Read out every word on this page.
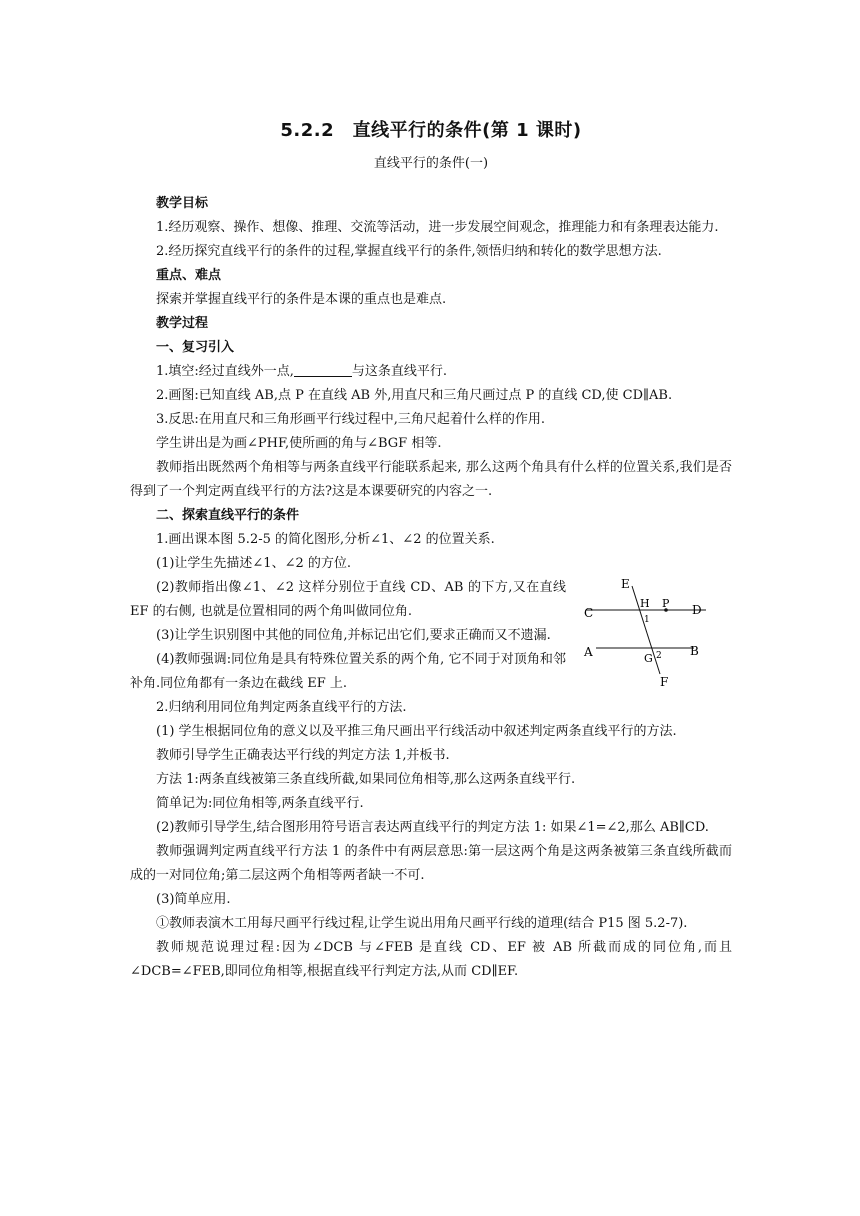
5.2.2　直线平行的条件(第 1 课时)
直线平行的条件(一)

教学目标

1.经历观察、操作、想像、推理、交流等活动，进一步发展空间观念，推理能力和有条理表达能力.

2.经历探究直线平行的条件的过程,掌握直线平行的条件,领悟归纳和转化的数学思想方法.

重点、难点

探索并掌握直线平行的条件是本课的重点也是难点.

教学过程

一、复习引入

1.填空:经过直线外一点,	与这条直线平行.

2.画图:已知直线 AB,点 P 在直线 AB 外,用直尺和三角尺画过点 P 的直线 CD,使 CD∥AB.

3.反思:在用直尺和三角形画平行线过程中,三角尺起着什么样的作用.

学生讲出是为画∠PHF,使所画的角与∠BGF 相等.

教师指出既然两个角相等与两条直线平行能联系起来, 那么这两个角具有什么样的位置关系,我们是否得到了一个判定两直线平行的方法?这是本课要研究的内容之一.

二、探索直线平行的条件

1.画出课本图 5.2-5 的简化图形,分析∠1、∠2 的位置关系.

(1)让学生先描述∠1、∠2 的方位.

(2)教师指出像∠1、∠2 这样分别位于直线 CD、AB 的下方,又在直线 EF 的右侧, 也就是位置相同的两个角叫做同位角.

(3)让学生识别图中其他的同位角,并标记出它们,要求正确而又不遗漏.

(4)教师强调:同位角是具有特殊位置关系的两个角, 它不同于对顶角和邻补角.同位角都有一条边在截线 EF 上.

2.归纳利用同位角判定两条直线平行的方法.

(1) 学生根据同位角的意义以及平推三角尺画出平行线活动中叙述判定两条直线平行的方法.

教师引导学生正确表达平行线的判定方法 1,并板书.

方法 1:两条直线被第三条直线所截,如果同位角相等,那么这两条直线平行.

简单记为:同位角相等,两条直线平行.

(2)教师引导学生,结合图形用符号语言表达两直线平行的判定方法 1: 如果∠1=∠2,那么 AB∥CD.

教师强调判定两直线平行方法 1 的条件中有两层意思:第一层这两个角是这两条被第三条直线所截而成的一对同位角;第二层这两个角相等两者缺一不可.

(3)简单应用.

①教师表演木工用每尺画平行线过程,让学生说出用角尺画平行线的道理(结合 P15 图 5.2-7).

教师规范说理过程:因为∠DCB 与∠FEB 是直线 CD、EF 被 AB 所截而成的同位角,而且∠DCB=∠FEB,即同位角相等,根据直线平行判定方法,从而 CD∥EF.

E
C
H P D
1
A	G 2 B
F
